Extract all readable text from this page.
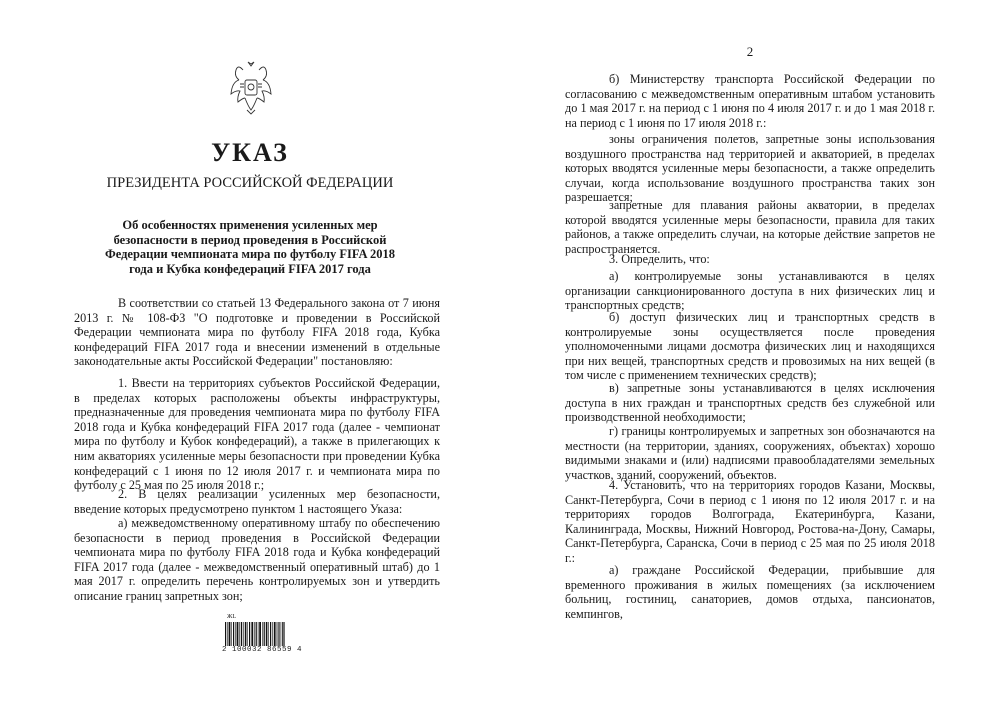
УКАЗ
ПРЕЗИДЕНТА РОССИЙСКОЙ ФЕДЕРАЦИИ
Об особенностях применения усиленных мер безопасности в период проведения в Российской Федерации чемпионата мира по футболу FIFA 2018 года и Кубка конфедераций FIFA 2017 года
В соответствии со статьей 13 Федерального закона от 7 июня 2013 г. № 108-ФЗ "О подготовке и проведении в Российской Федерации чемпионата мира по футболу FIFA 2018 года, Кубка конфедераций FIFA 2017 года и внесении изменений в отдельные законодательные акты Российской Федерации" постановляю:
1. Ввести на территориях субъектов Российской Федерации, в пределах которых расположены объекты инфраструктуры, предназначенные для проведения чемпионата мира по футболу FIFA 2018 года и Кубка конфедераций FIFA 2017 года (далее - чемпионат мира по футболу и Кубок конфедераций), а также в прилегающих к ним акваториях усиленные меры безопасности при проведении Кубка конфедераций с 1 июня по 12 июля 2017 г. и чемпионата мира по футболу с 25 мая по 25 июля 2018 г.;
2. В целях реализации усиленных мер безопасности, введение которых предусмотрено пунктом 1 настоящего Указа:
а) межведомственному оперативному штабу по обеспечению безопасности в период проведения в Российской Федерации чемпионата мира по футболу FIFA 2018 года и Кубка конфедераций FIFA 2017 года (далее - межведомственный оперативный штаб) до 1 мая 2017 г. определить перечень контролируемых зон и утвердить описание границ запретных зон;
ЖL
2 100032 86559 4
2
б) Министерству транспорта Российской Федерации по согласованию с межведомственным оперативным штабом установить до 1 мая 2017 г. на период с 1 июня по 4 июля 2017 г. и до 1 мая 2018 г. на период с 1 июня по 17 июля 2018 г.:
зоны ограничения полетов, запретные зоны использования воздушного пространства над территорией и акваторией, в пределах которых вводятся усиленные меры безопасности, а также определить случаи, когда использование воздушного пространства таких зон разрешается;
запретные для плавания районы акватории, в пределах которой вводятся усиленные меры безопасности, правила для таких районов, а также определить случаи, на которые действие запретов не распространяется.
3. Определить, что:
а) контролируемые зоны устанавливаются в целях организации санкционированного доступа в них физических лиц и транспортных средств;
б) доступ физических лиц и транспортных средств в контролируемые зоны осуществляется после проведения уполномоченными лицами досмотра физических лиц и находящихся при них вещей, транспортных средств и провозимых на них вещей (в том числе с применением технических средств);
в) запретные зоны устанавливаются в целях исключения доступа в них граждан и транспортных средств без служебной или производственной необходимости;
г) границы контролируемых и запретных зон обозначаются на местности (на территории, зданиях, сооружениях, объектах) хорошо видимыми знаками и (или) надписями правообладателями земельных участков, зданий, сооружений, объектов.
4. Установить, что на территориях городов Казани, Москвы, Санкт-Петербурга, Сочи в период с 1 июня по 12 июля 2017 г. и на территориях городов Волгограда, Екатеринбурга, Казани, Калининграда, Москвы, Нижний Новгород, Ростова-на-Дону, Самары, Санкт-Петербурга, Саранска, Сочи в период с 25 мая по 25 июля 2018 г.:
а) граждане Российской Федерации, прибывшие для временного проживания в жилых помещениях (за исключением больниц, гостиниц, санаториев, домов отдыха, пансионатов, кемпингов,
